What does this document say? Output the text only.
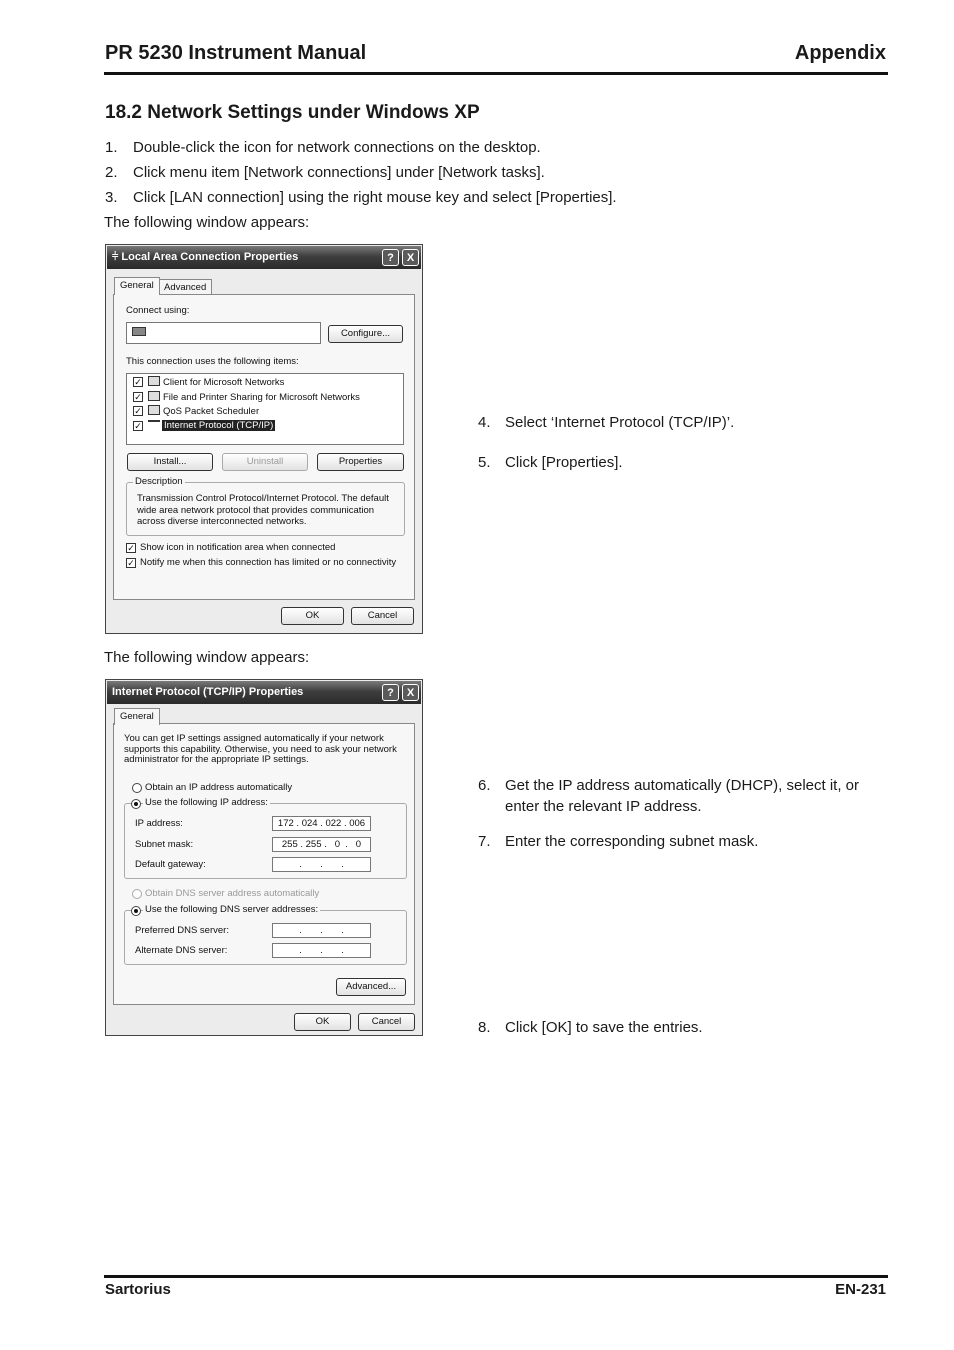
PR 5230 Instrument Manual	Appendix
18.2 Network Settings under Windows XP
1. Double-click the icon for network connections on the desktop.
2. Click menu item [Network connections] under [Network tasks].
3. Click [LAN connection] using the right mouse key and select [Properties].
The following window appears:
⫩ Local Area Connection Properties	?	X
General	Advanced
Connect using:

Configure...
This connection uses the following items:
✓ Client for Microsoft Networks
✓ File and Printer Sharing for Microsoft Networks
✓ QoS Packet Scheduler
✓ Internet Protocol (TCP/IP)
Install...	Uninstall	Properties
Description
Transmission Control Protocol/Internet Protocol. The default wide area network protocol that provides communication across diverse interconnected networks.
✓ Show icon in notification area when connected
✓ Notify me when this connection has limited or no connectivity
OK	Cancel
4. Select ‘Internet Protocol (TCP/IP)’.
5. Click [Properties].
The following window appears:
Internet Protocol (TCP/IP) Properties	?	X
General
You can get IP settings assigned automatically if your network supports this capability. Otherwise, you need to ask your network administrator for the appropriate IP settings.
Obtain an IP address automatically
Use the following IP address:
IP address:	172 . 024 . 022 . 006
Subnet mask:	255 . 255 .   0  .   0
Default gateway:	.       .       .
Obtain DNS server address automatically
Use the following DNS server addresses:
Preferred DNS server:	.       .       .
Alternate DNS server:	.       .       .
Advanced...
OK	Cancel
6. Get the IP address automatically (DHCP), select it, or enter the relevant IP address.
7. Enter the corresponding subnet mask.
8. Click [OK] to save the entries.
Sartorius	EN-231
